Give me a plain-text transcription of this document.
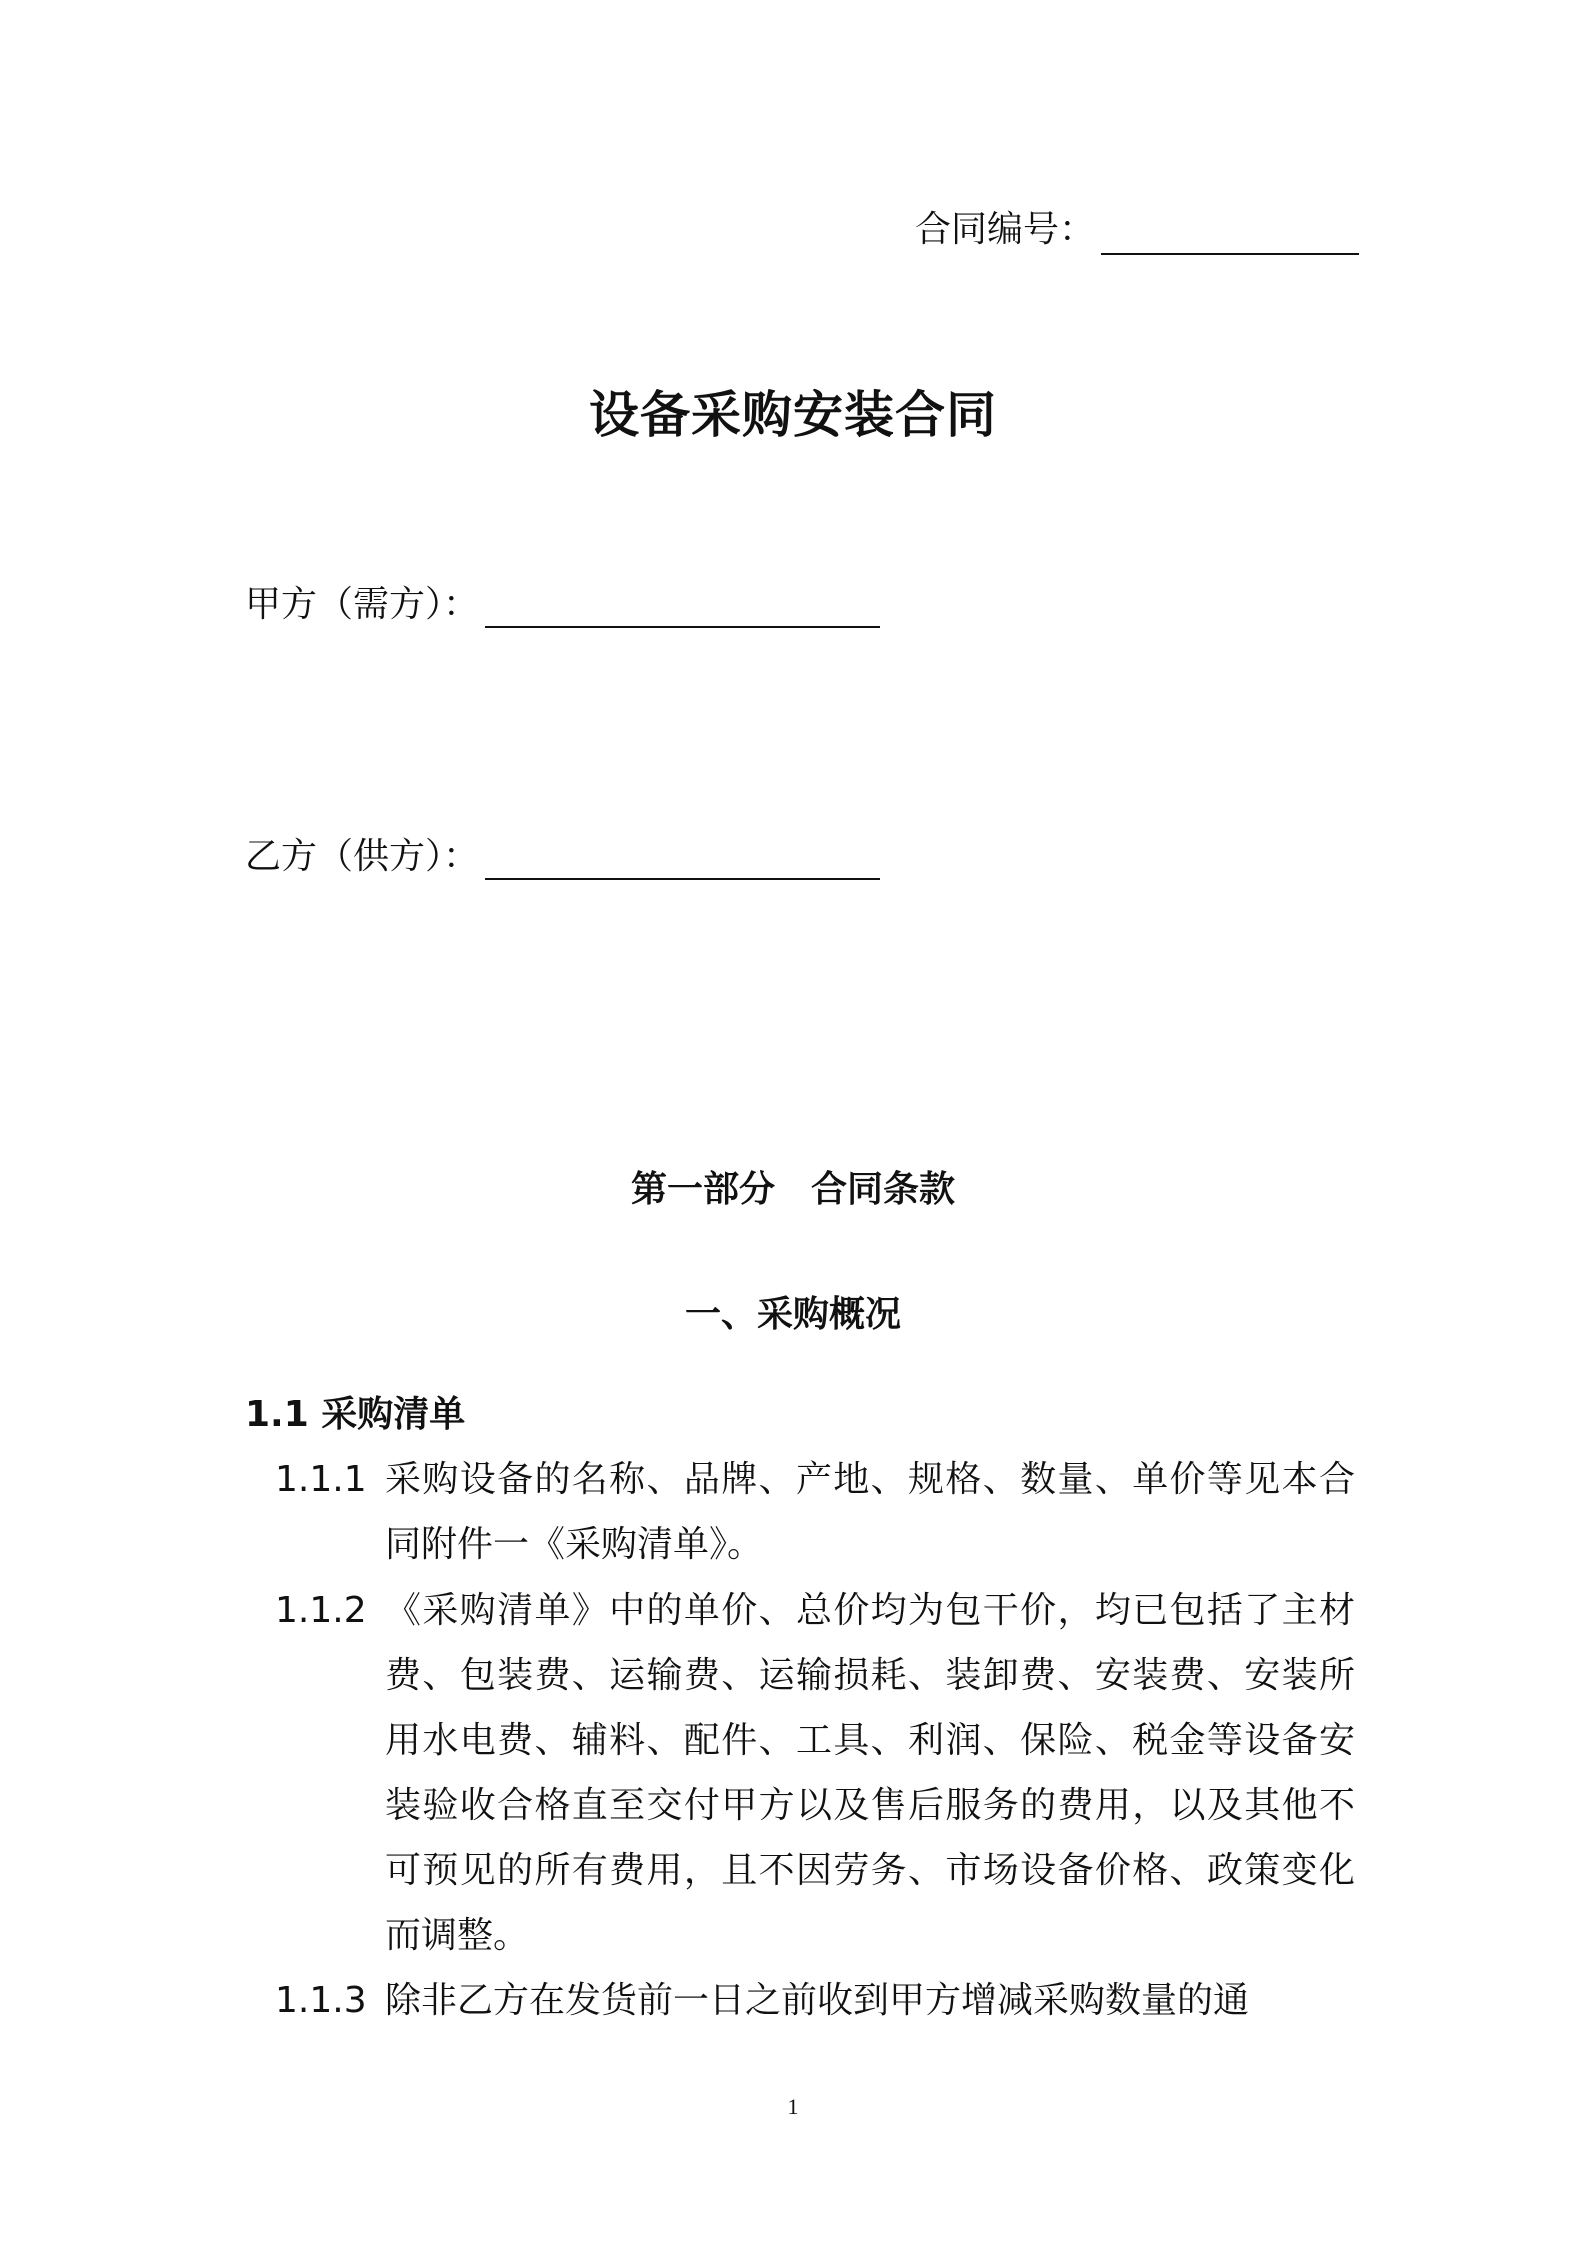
合同编号：
设备采购安装合同
甲方（需方）：
乙方（供方）：
第一部分 合同条款
一、采购概况
1.1 采购清单
1.1.1 采购设备的名称、品牌、产地、规格、数量、单价等见本合同附件一《采购清单》。
1.1.2 《采购清单》中的单价、总价均为包干价，均已包括了主材费、包装费、运输费、运输损耗、装卸费、安装费、安装所用水电费、辅料、配件、工具、利润、保险、税金等设备安装验收合格直至交付甲方以及售后服务的费用，以及其他不可预见的所有费用，且不因劳务、市场设备价格、政策变化而调整。
1.1.3 除非乙方在发货前一日之前收到甲方增减采购数量的通
1
